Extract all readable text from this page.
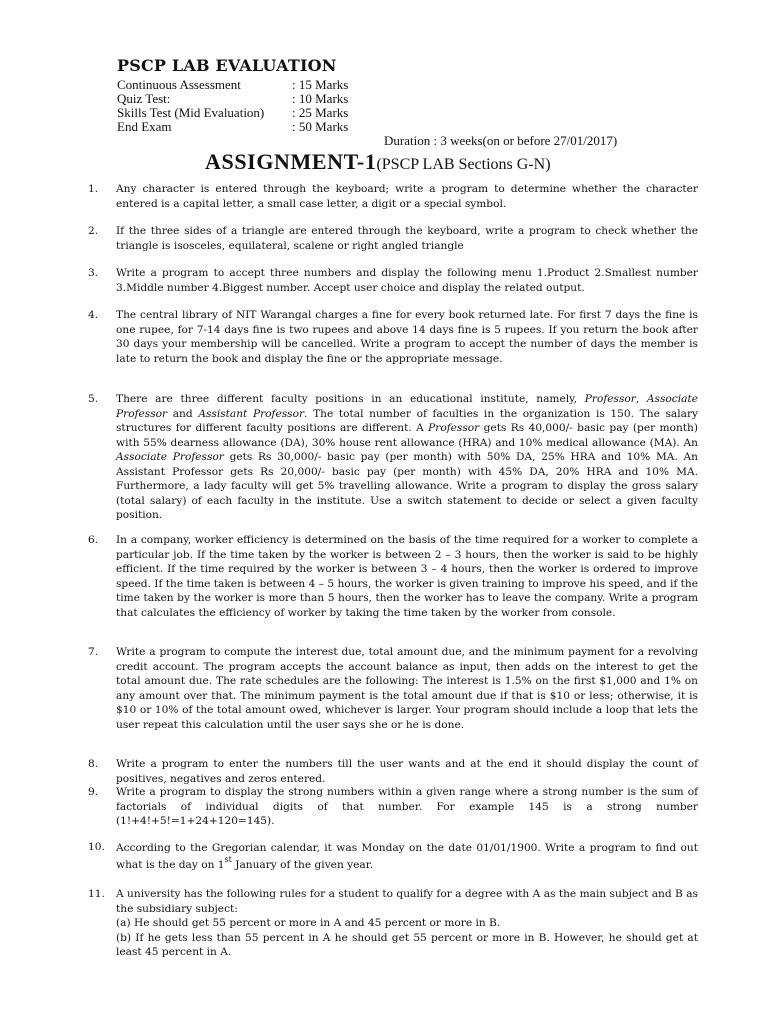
PSCP LAB EVALUATION
Continuous Assessment	: 15 Marks
Quiz Test:	: 10 Marks
Skills Test (Mid Evaluation) : 25 Marks
End Exam	: 50 Marks
Duration : 3 weeks(on or before 27/01/2017)
ASSIGNMENT-1(PSCP LAB Sections G-N)
1.	Any character is entered through the keyboard; write a program to determine whether the character entered is a capital letter, a small case letter, a digit or a special symbol.
2.	If the three sides of a triangle are entered through the keyboard, write a program to check whether the triangle is isosceles, equilateral, scalene or right angled triangle
3.	Write a program to accept three numbers and display the following menu 1.Product 2.Smallest number 3.Middle number 4.Biggest number. Accept user choice and display the related output.
4.	The central library of NIT Warangal charges a fine for every book returned late. For first 7 days the fine is one rupee, for 7-14 days fine is two rupees and above 14 days fine is 5 rupees. If you return the book after 30 days your membership will be cancelled. Write a program to accept the number of days the member is late to return the book and display the fine or the appropriate message.
5.	There are three different faculty positions in an educational institute, namely, Professor, Associate Professor and Assistant Professor. The total number of faculties in the organization is 150. The salary structures for different faculty positions are different. A Professor gets Rs 40,000/- basic pay (per month) with 55% dearness allowance (DA), 30% house rent allowance (HRA) and 10% medical allowance (MA). An Associate Professor gets Rs 30,000/- basic pay (per month) with 50% DA, 25% HRA and 10% MA. An Assistant Professor gets Rs 20,000/- basic pay (per month) with 45% DA, 20% HRA and 10% MA. Furthermore, a lady faculty will get 5% travelling allowance. Write a program to display the gross salary (total salary) of each faculty in the institute. Use a switch statement to decide or select a given faculty position.
6.	In a company, worker efficiency is determined on the basis of the time required for a worker to complete a particular job. If the time taken by the worker is between 2 – 3 hours, then the worker is said to be highly efficient. If the time required by the worker is between 3 – 4 hours, then the worker is ordered to improve speed. If the time taken is between 4 – 5 hours, the worker is given training to improve his speed, and if the time taken by the worker is more than 5 hours, then the worker has to leave the company. Write a program that calculates the efficiency of worker by taking the time taken by the worker from console.
7.	Write a program to compute the interest due, total amount due, and the minimum payment for a revolving credit account. The program accepts the account balance as input, then adds on the interest to get the total amount due. The rate schedules are the following: The interest is 1.5% on the first $1,000 and 1% on any amount over that. The minimum payment is the total amount due if that is $10 or less; otherwise, it is $10 or 10% of the total amount owed, whichever is larger. Your program should include a loop that lets the user repeat this calculation until the user says she or he is done.
8.	Write a program to enter the numbers till the user wants and at the end it should display the count of positives, negatives and zeros entered.
9.	Write a program to display the strong numbers within a given range where a strong number is the sum of factorials of individual digits of that number. For example 145 is a strong number (1!+4!+5!=1+24+120=145).
10.	According to the Gregorian calendar, it was Monday on the date 01/01/1900. Write a program to find out what is the day on 1st January of the given year.
11.	A university has the following rules for a student to qualify for a degree with A as the main subject and B as the subsidiary subject:
(a) He should get 55 percent or more in A and 45 percent or more in B.
(b) If he gets less than 55 percent in A he should get 55 percent or more in B. However, he should get at least 45 percent in A.
